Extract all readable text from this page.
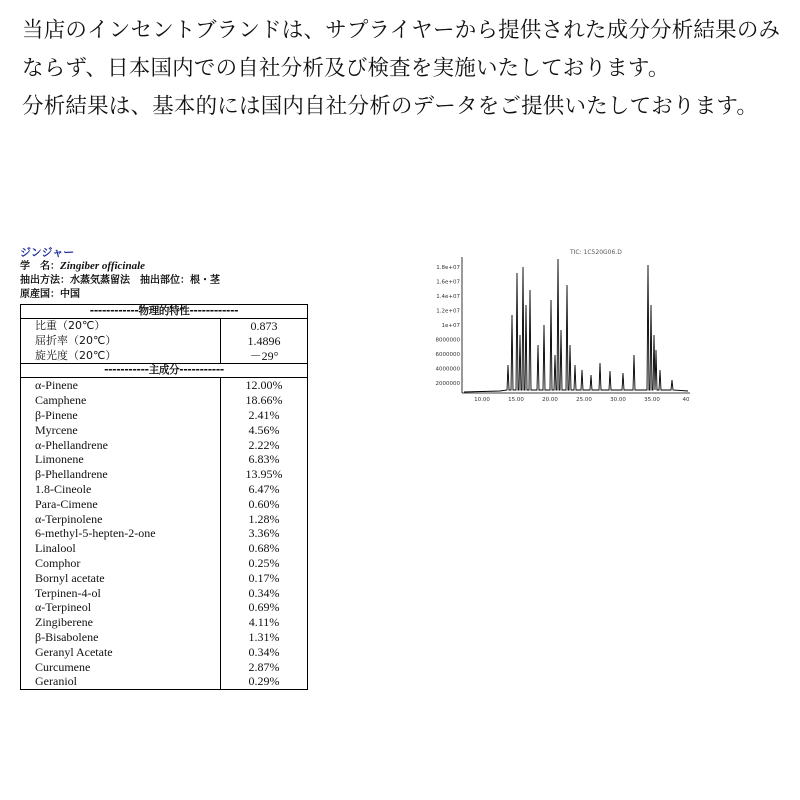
当店のインセントブランドは、サプライヤーから提供された成分分析結果のみならず、日本国内での自社分析及び検査を実施いたしております。

分析結果は、基本的には国内自社分析のデータをご提供いたしております。

ジンジャー
学　名：Zingiber officinale
抽出方法：水蒸気蒸留法　抽出部位：根・茎
原産国：中国
------------物理的特性------------
比重（20℃）	0.873
屈折率（20℃）	1.4896
旋光度（20℃）	－29°
-----------主成分-----------
α-Pinene	12.00%
Camphene	18.66%
β-Pinene	2.41%
Myrcene	4.56%
α-Phellandrene	2.22%
Limonene	6.83%
β-Phellandrene	13.95%
1.8-Cineole	6.47%
Para-Cimene	0.60%
α-Terpinolene	1.28%
6-methyl-5-hepten-2-one	3.36%
Linalool	0.68%
Comphor	0.25%
Bornyl acetate	0.17%
Terpinen-4-ol	0.34%
α-Terpineol	0.69%
Zingiberene	4.11%
β-Bisabolene	1.31%
Geranyl Acetate	0.34%
Curcumene	2.87%
Geraniol	0.29%
TIC: 1C520G06.D
1.8e+07
1.6e+07
1.4e+07
1.2e+07
1e+07
8000000
6000000
4000000
2000000
10.00	15.00	20.00	25.00	30.00	35.00	40
